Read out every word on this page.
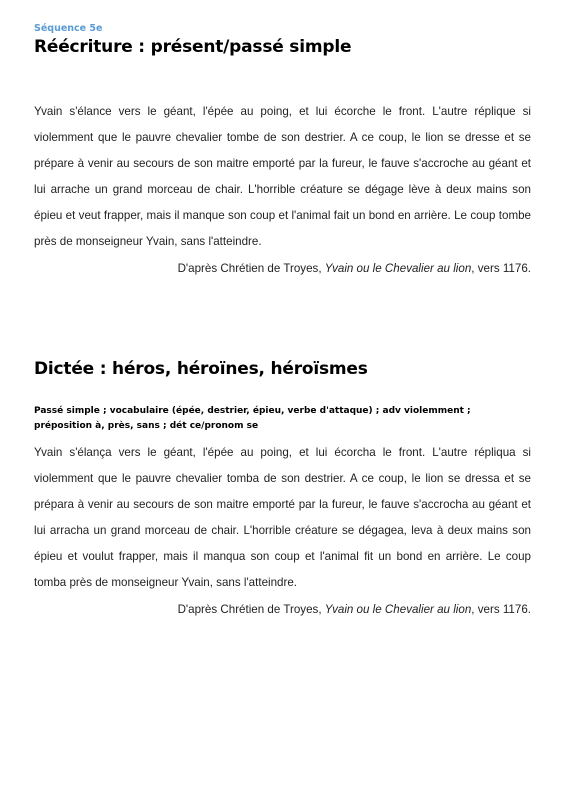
Séquence 5e
Réécriture : présent/passé simple

Yvain s'élance vers le géant, l'épée au poing, et lui écorche le front. L'autre réplique si violemment que le pauvre chevalier tombe de son destrier. A ce coup, le lion se dresse et se prépare à venir au secours de son maitre emporté par la fureur, le fauve s'accroche au géant et lui arrache un grand morceau de chair. L'horrible créature se dégage lève à deux mains son épieu et veut frapper, mais il manque son coup et l'animal fait un bond en arrière. Le coup tombe près de monseigneur Yvain, sans l'atteindre.

D'après Chrétien de Troyes, Yvain ou le Chevalier au lion, vers 1176.

Dictée : héros, héroïnes, héroïsmes

Passé simple ; vocabulaire (épée, destrier, épieu, verbe d'attaque) ; adv violemment ; préposition à, près, sans ; dét ce/pronom se

Yvain s'élança vers le géant, l'épée au poing, et lui écorcha le front. L'autre répliqua si violemment que le pauvre chevalier tomba de son destrier. A ce coup, le lion se dressa et se prépara à venir au secours de son maitre emporté par la fureur, le fauve s'accrocha au géant et lui arracha un grand morceau de chair. L'horrible créature se dégagea, leva à deux mains son épieu et voulut frapper, mais il manqua son coup et l'animal fit un bond en arrière. Le coup tomba près de monseigneur Yvain, sans l'atteindre.

D'après Chrétien de Troyes, Yvain ou le Chevalier au lion, vers 1176.
